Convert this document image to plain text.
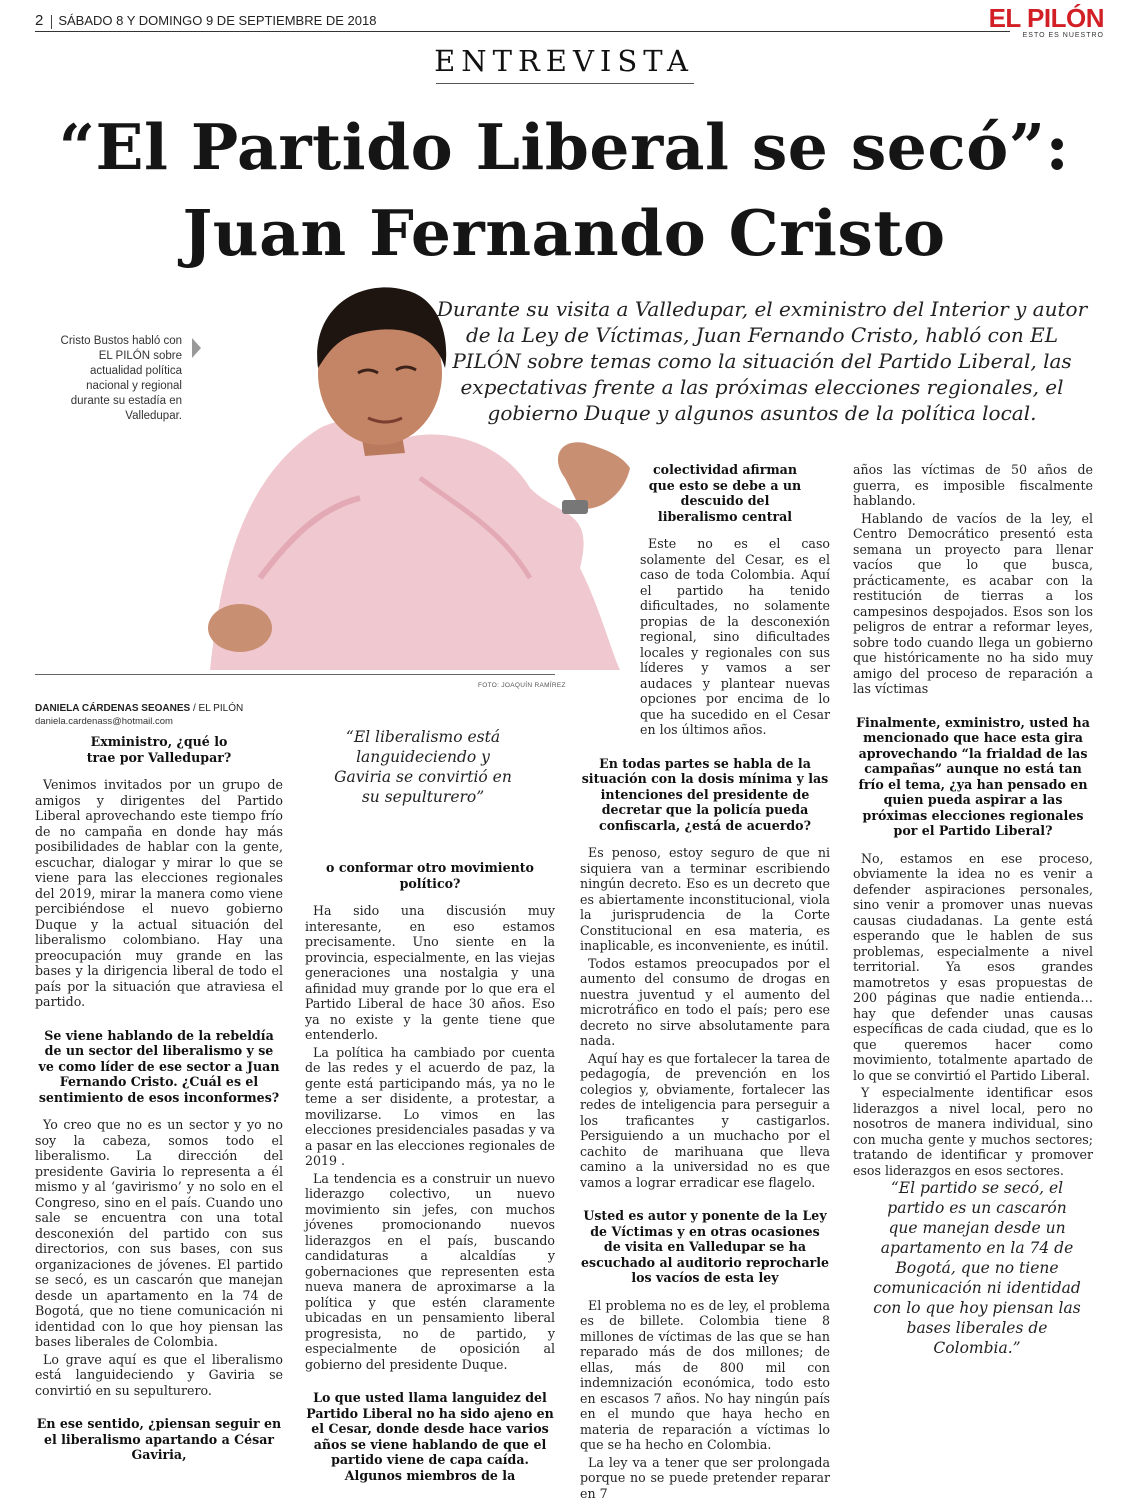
2 SÁBADO 8 Y DOMINGO 9 DE SEPTIEMBRE DE 2018	EL PILÓN
ESTO ES NUESTRO
ENTREVISTA
“El Partido Liberal se secó”:
Juan Fernando Cristo
Cristo Bustos habló con EL PILÓN sobre actualidad política nacional y regional durante su estadía en Valledupar.
FOTO: JOAQUÍN RAMÍREZ
Durante su visita a Valledupar, el exministro del Interior y autor de la Ley de Víctimas, Juan Fernando Cristo, habló con EL PILÓN sobre temas como la situación del Partido Liberal, las expectativas frente a las próximas elecciones regionales, el gobierno Duque y algunos asuntos de la política local.
DANIELA CÁRDENAS SEOANES / EL PILÓN
daniela.cardenass@hotmail.com

Exministro, ¿qué lo trae por Valledupar?

Venimos invitados por un grupo de amigos y dirigentes del Partido Liberal aprovechando este tiempo frío de no campaña en donde hay más posibilidades de hablar con la gente, escuchar, dialogar y mirar lo que se viene para las elecciones regionales del 2019, mirar la manera como viene percibiéndose el nuevo gobierno Duque y la actual situación del liberalismo colombiano. Hay una preocupación muy grande en las bases y la dirigencia liberal de todo el país por la situación que atraviesa el partido.

Se viene hablando de la rebeldía de un sector del liberalismo y se ve como líder de ese sector a Juan Fernando Cristo. ¿Cuál es el sentimiento de esos inconformes?

Yo creo que no es un sector y yo no soy la cabeza, somos todo el liberalismo. La dirección del presidente Gaviria lo representa a él mismo y al ‘gavirismo’ y no solo en el Congreso, sino en el país. Cuando uno sale se encuentra con una total desconexión del partido con sus directorios, con sus bases, con sus organizaciones de jóvenes. El partido se secó, es un cascarón que manejan desde un apartamento en la 74 de Bogotá, que no tiene comunicación ni identidad con lo que hoy piensan las bases liberales de Colombia.

Lo grave aquí es que el liberalismo está languideciendo y Gaviria se convirtió en su sepulturero.

En ese sentido, ¿piensan seguir en el liberalismo apartando a César Gaviria,

“El liberalismo está languideciendo y Gaviria se convirtió en su sepulturero”

o conformar otro movimiento político?

Ha sido una discusión muy interesante, en eso estamos precisamente. Uno siente en la provincia, especialmente, en las viejas generaciones una nostalgia y una afinidad muy grande por lo que era el Partido Liberal de hace 30 años. Eso ya no existe y la gente tiene que entenderlo.

La política ha cambiado por cuenta de las redes y el acuerdo de paz, la gente está participando más, ya no le teme a ser disidente, a protestar, a movilizarse. Lo vimos en las elecciones presidenciales pasadas y va a pasar en las elecciones regionales de 2019 .

La tendencia es a construir un nuevo liderazgo colectivo, un nuevo movimiento sin jefes, con muchos jóvenes promocionando nuevos liderazgos en el país, buscando candidaturas a alcaldías y gobernaciones que representen esta nueva manera de aproximarse a la política y que estén claramente ubicadas en un pensamiento liberal progresista, no de partido, y especialmente de oposición al gobierno del presidente Duque.

Lo que usted llama languidez del Partido Liberal no ha sido ajeno en el Cesar, donde desde hace varios años se viene hablando de que el partido viene de capa caída. Algunos miembros de la

colectividad afirman que esto se debe a un descuido del liberalismo central

Este no es el caso solamente del Cesar, es el caso de toda Colombia. Aquí el partido ha tenido dificultades, no solamente propias de la desconexión regional, sino dificultades locales y regionales con sus líderes y vamos a ser audaces y plantear nuevas opciones por encima de lo que ha sucedido en el Cesar en los últimos años.

En todas partes se habla de la situación con la dosis mínima y las intenciones del presidente de decretar que la policía pueda confiscarla, ¿está de acuerdo?

Es penoso, estoy seguro de que ni siquiera van a terminar escribiendo ningún decreto. Eso es un decreto que es abiertamente inconstitucional, viola la jurisprudencia de la Corte Constitucional en esa materia, es inaplicable, es inconveniente, es inútil.

Todos estamos preocupados por el aumento del consumo de drogas en nuestra juventud y el aumento del microtráfico en todo el país; pero ese decreto no sirve absolutamente para nada.

Aquí hay es que fortalecer la tarea de pedagogía, de prevención en los colegios y, obviamente, fortalecer las redes de inteligencia para perseguir a los traficantes y castigarlos. Persiguiendo a un muchacho por el cachito de marihuana que lleva camino a la universidad no es que vamos a lograr erradicar ese flagelo.

Usted es autor y ponente de la Ley de Víctimas y en otras ocasiones de visita en Valledupar se ha escuchado al auditorio reprocharle los vacíos de esta ley

El problema no es de ley, el problema es de billete. Colombia tiene 8 millones de víctimas de las que se han reparado más de dos millones; de ellas, más de 800 mil con indemnización económica, todo esto en escasos 7 años. No hay ningún país en el mundo que haya hecho en materia de reparación a víctimas lo que se ha hecho en Colombia.

La ley va a tener que ser prolongada porque no se puede pretender reparar en 7

años las víctimas de 50 años de guerra, es imposible fiscalmente hablando.

Hablando de vacíos de la ley, el Centro Democrático presentó esta semana un proyecto para llenar vacíos que lo que busca, prácticamente, es acabar con la restitución de tierras a los campesinos despojados. Esos son los peligros de entrar a reformar leyes, sobre todo cuando llega un gobierno que históricamente no ha sido muy amigo del proceso de reparación a las víctimas

Finalmente, exministro, usted ha mencionado que hace esta gira aprovechando “la frialdad de las campañas” aunque no está tan frío el tema, ¿ya han pensado en quien pueda aspirar a las próximas elecciones regionales por el Partido Liberal?

No, estamos en ese proceso, obviamente la idea no es venir a defender aspiraciones personales, sino venir a promover unas nuevas causas ciudadanas. La gente está esperando que le hablen de sus problemas, especialmente a nivel territorial. Ya esos grandes mamotretos y esas propuestas de 200 páginas que nadie entienda… hay que defender unas causas específicas de cada ciudad, que es lo que queremos hacer como movimiento, totalmente apartado de lo que se convirtió el Partido Liberal.

Y especialmente identificar esos liderazgos a nivel local, pero no nosotros de manera individual, sino con mucha gente y muchos sectores; tratando de identificar y promover esos liderazgos en esos sectores.

“El partido se secó, el partido es un cascarón que manejan desde un apartamento en la 74 de Bogotá, que no tiene comunicación ni identidad con lo que hoy piensan las bases liberales de Colombia.”
